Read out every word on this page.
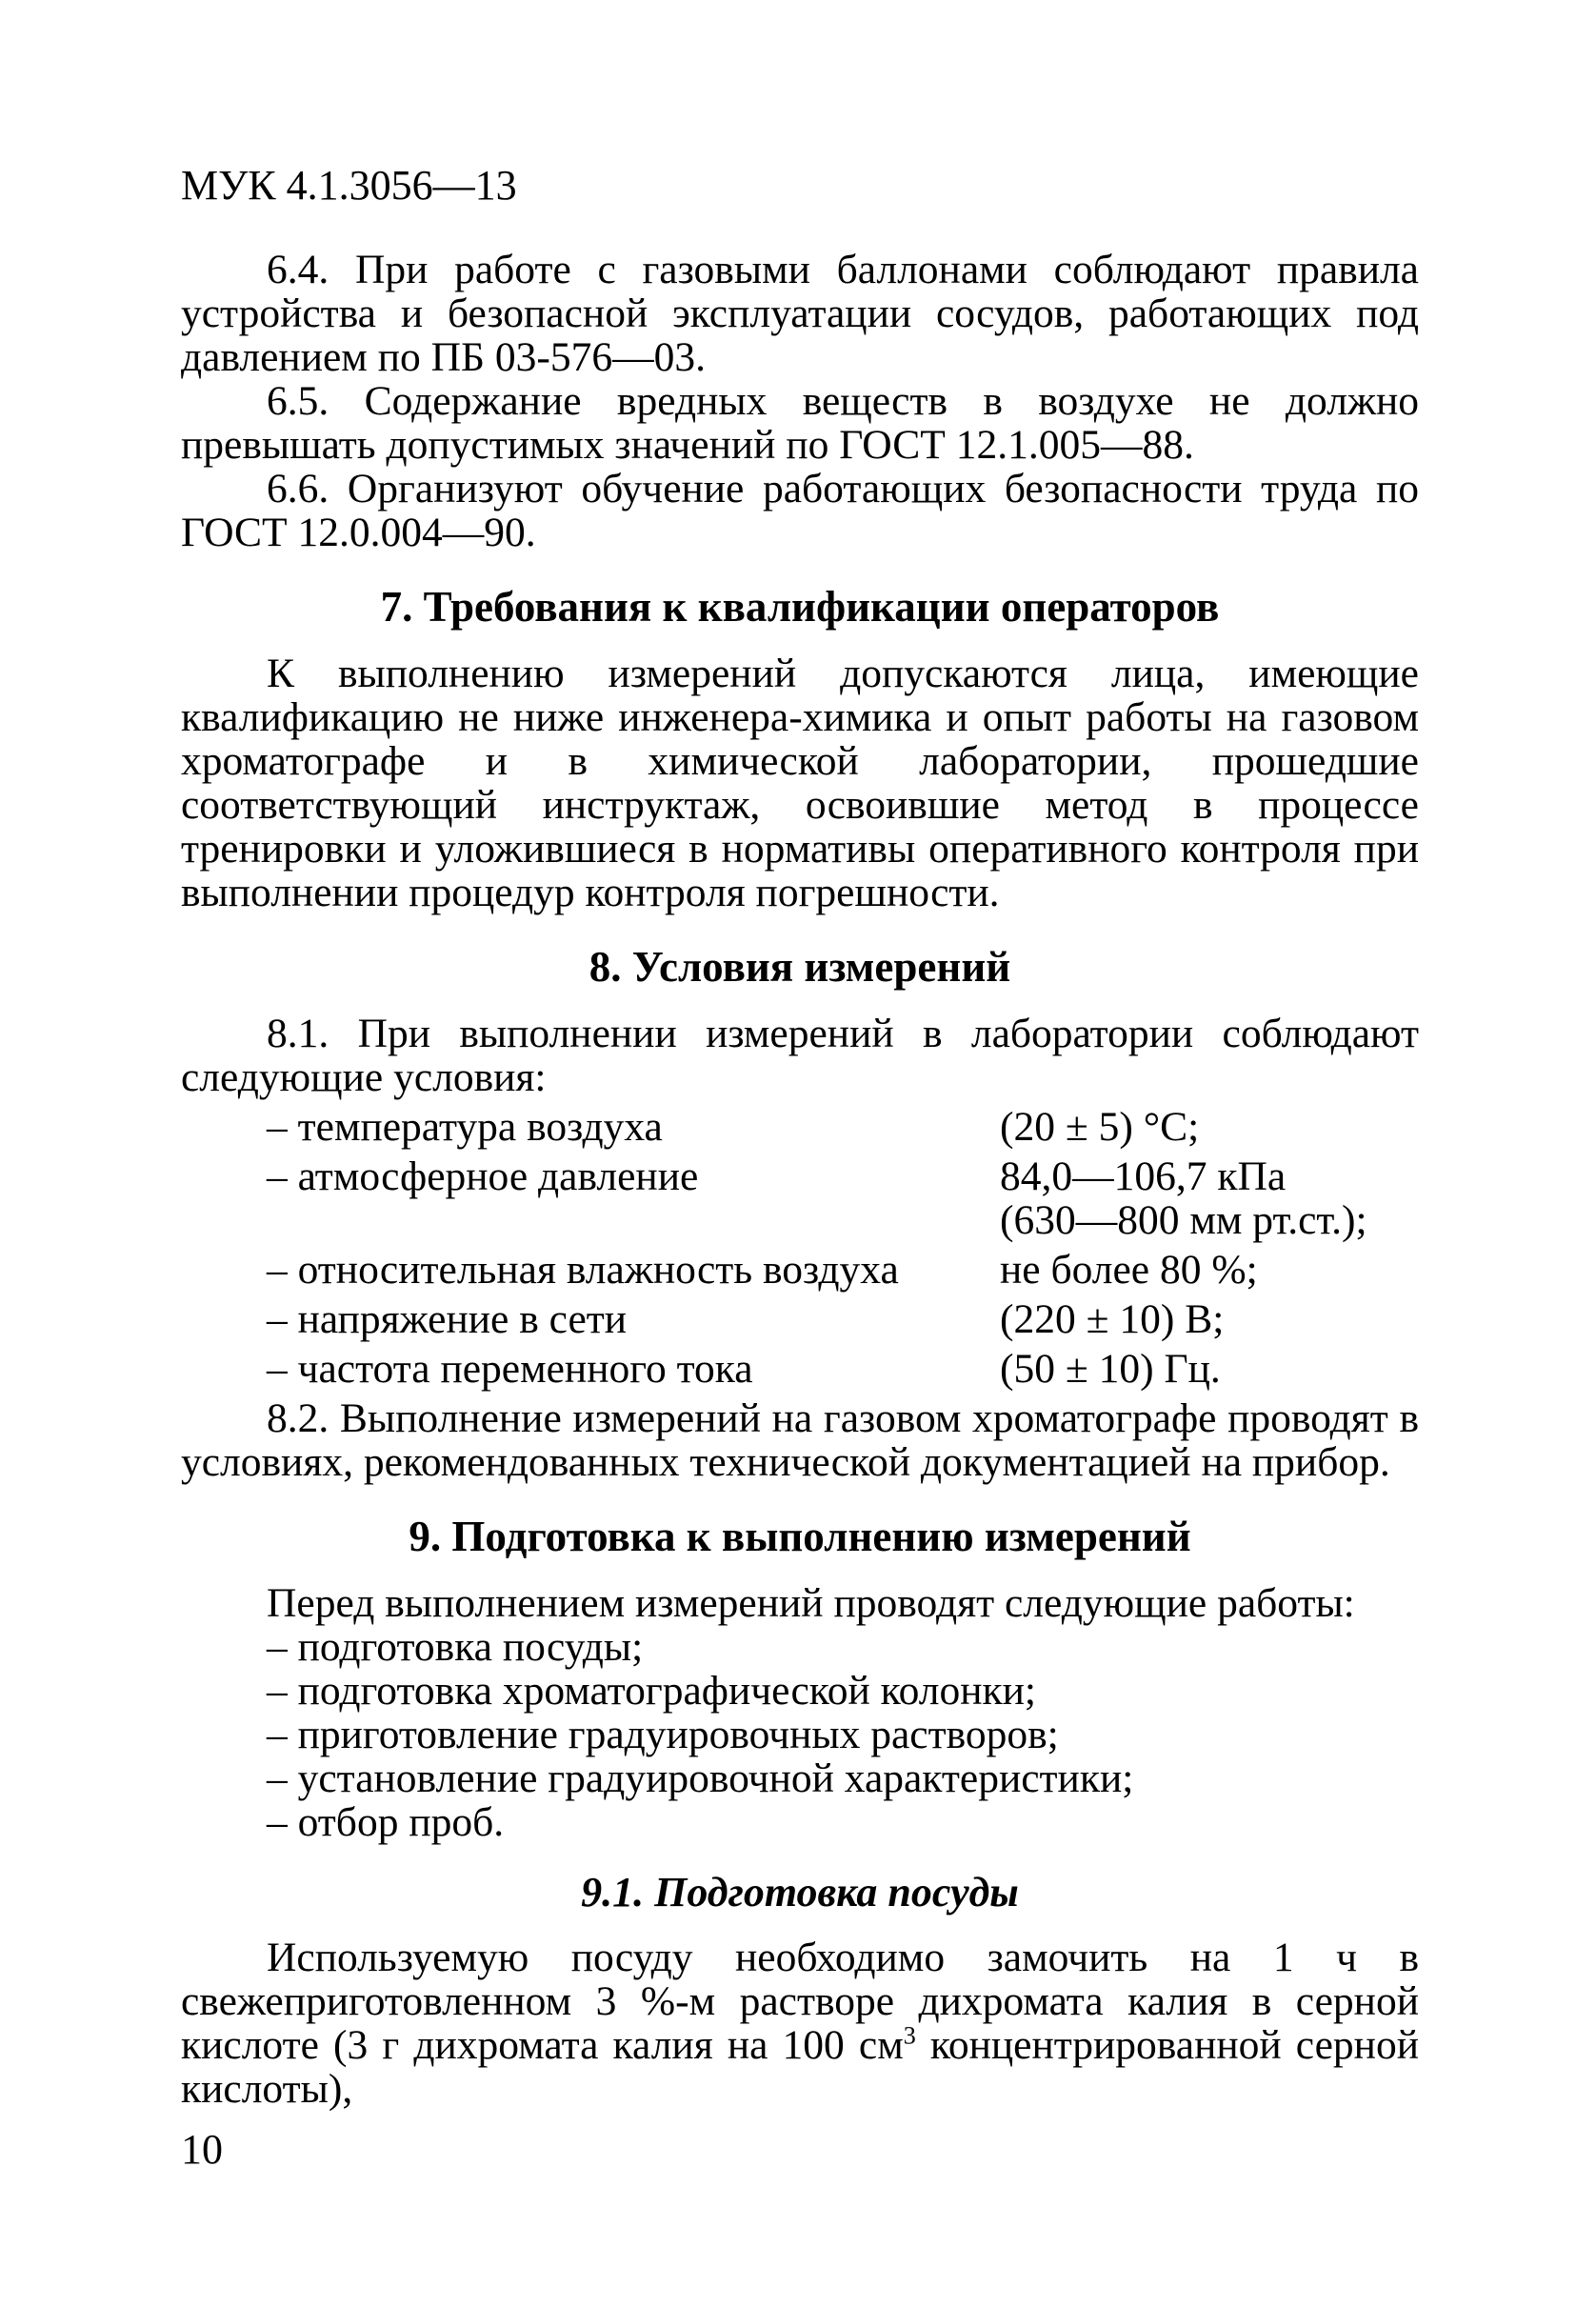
МУК 4.1.3056—13

6.4. При работе с газовыми баллонами соблюдают правила устройства и безопасной эксплуатации сосудов, работающих под давлением по ПБ 03-576—03.

6.5. Содержание вредных веществ в воздухе не должно превышать допустимых значений по ГОСТ 12.1.005—88.

6.6. Организуют обучение работающих безопасности труда по ГОСТ 12.0.004—90.

7. Требования к квалификации операторов

К выполнению измерений допускаются лица, имеющие квалификацию не ниже инженера-химика и опыт работы на газовом хроматографе и в химической лаборатории, прошедшие соответствующий инструктаж, освоившие метод в процессе тренировки и уложившиеся в нормативы оперативного контроля при выполнении процедур контроля погрешности.

8. Условия измерений

8.1. При выполнении измерений в лаборатории соблюдают следующие условия:

– температура воздуха	(20 ± 5) °С;
– атмосферное давление	84,0—106,7 кПа
(630—800 мм рт.ст.);
– относительная влажность воздуха	не более 80 %;
– напряжение в сети	(220 ± 10) В;
– частота переменного тока	(50 ± 10) Гц.

8.2. Выполнение измерений на газовом хроматографе проводят в условиях, рекомендованных технической документацией на прибор.

9. Подготовка к выполнению измерений

Перед выполнением измерений проводят следующие работы:

– подготовка посуды;
– подготовка хроматографической колонки;
– приготовление градуировочных растворов;
– установление градуировочной характеристики;
– отбор проб.
9.1. Подготовка посуды

Используемую посуду необходимо замочить на 1 ч в свежеприготовленном 3 %-м растворе дихромата калия в серной кислоте (3 г дихромата калия на 100 $см^3$ концентрированной серной кислоты),

10
